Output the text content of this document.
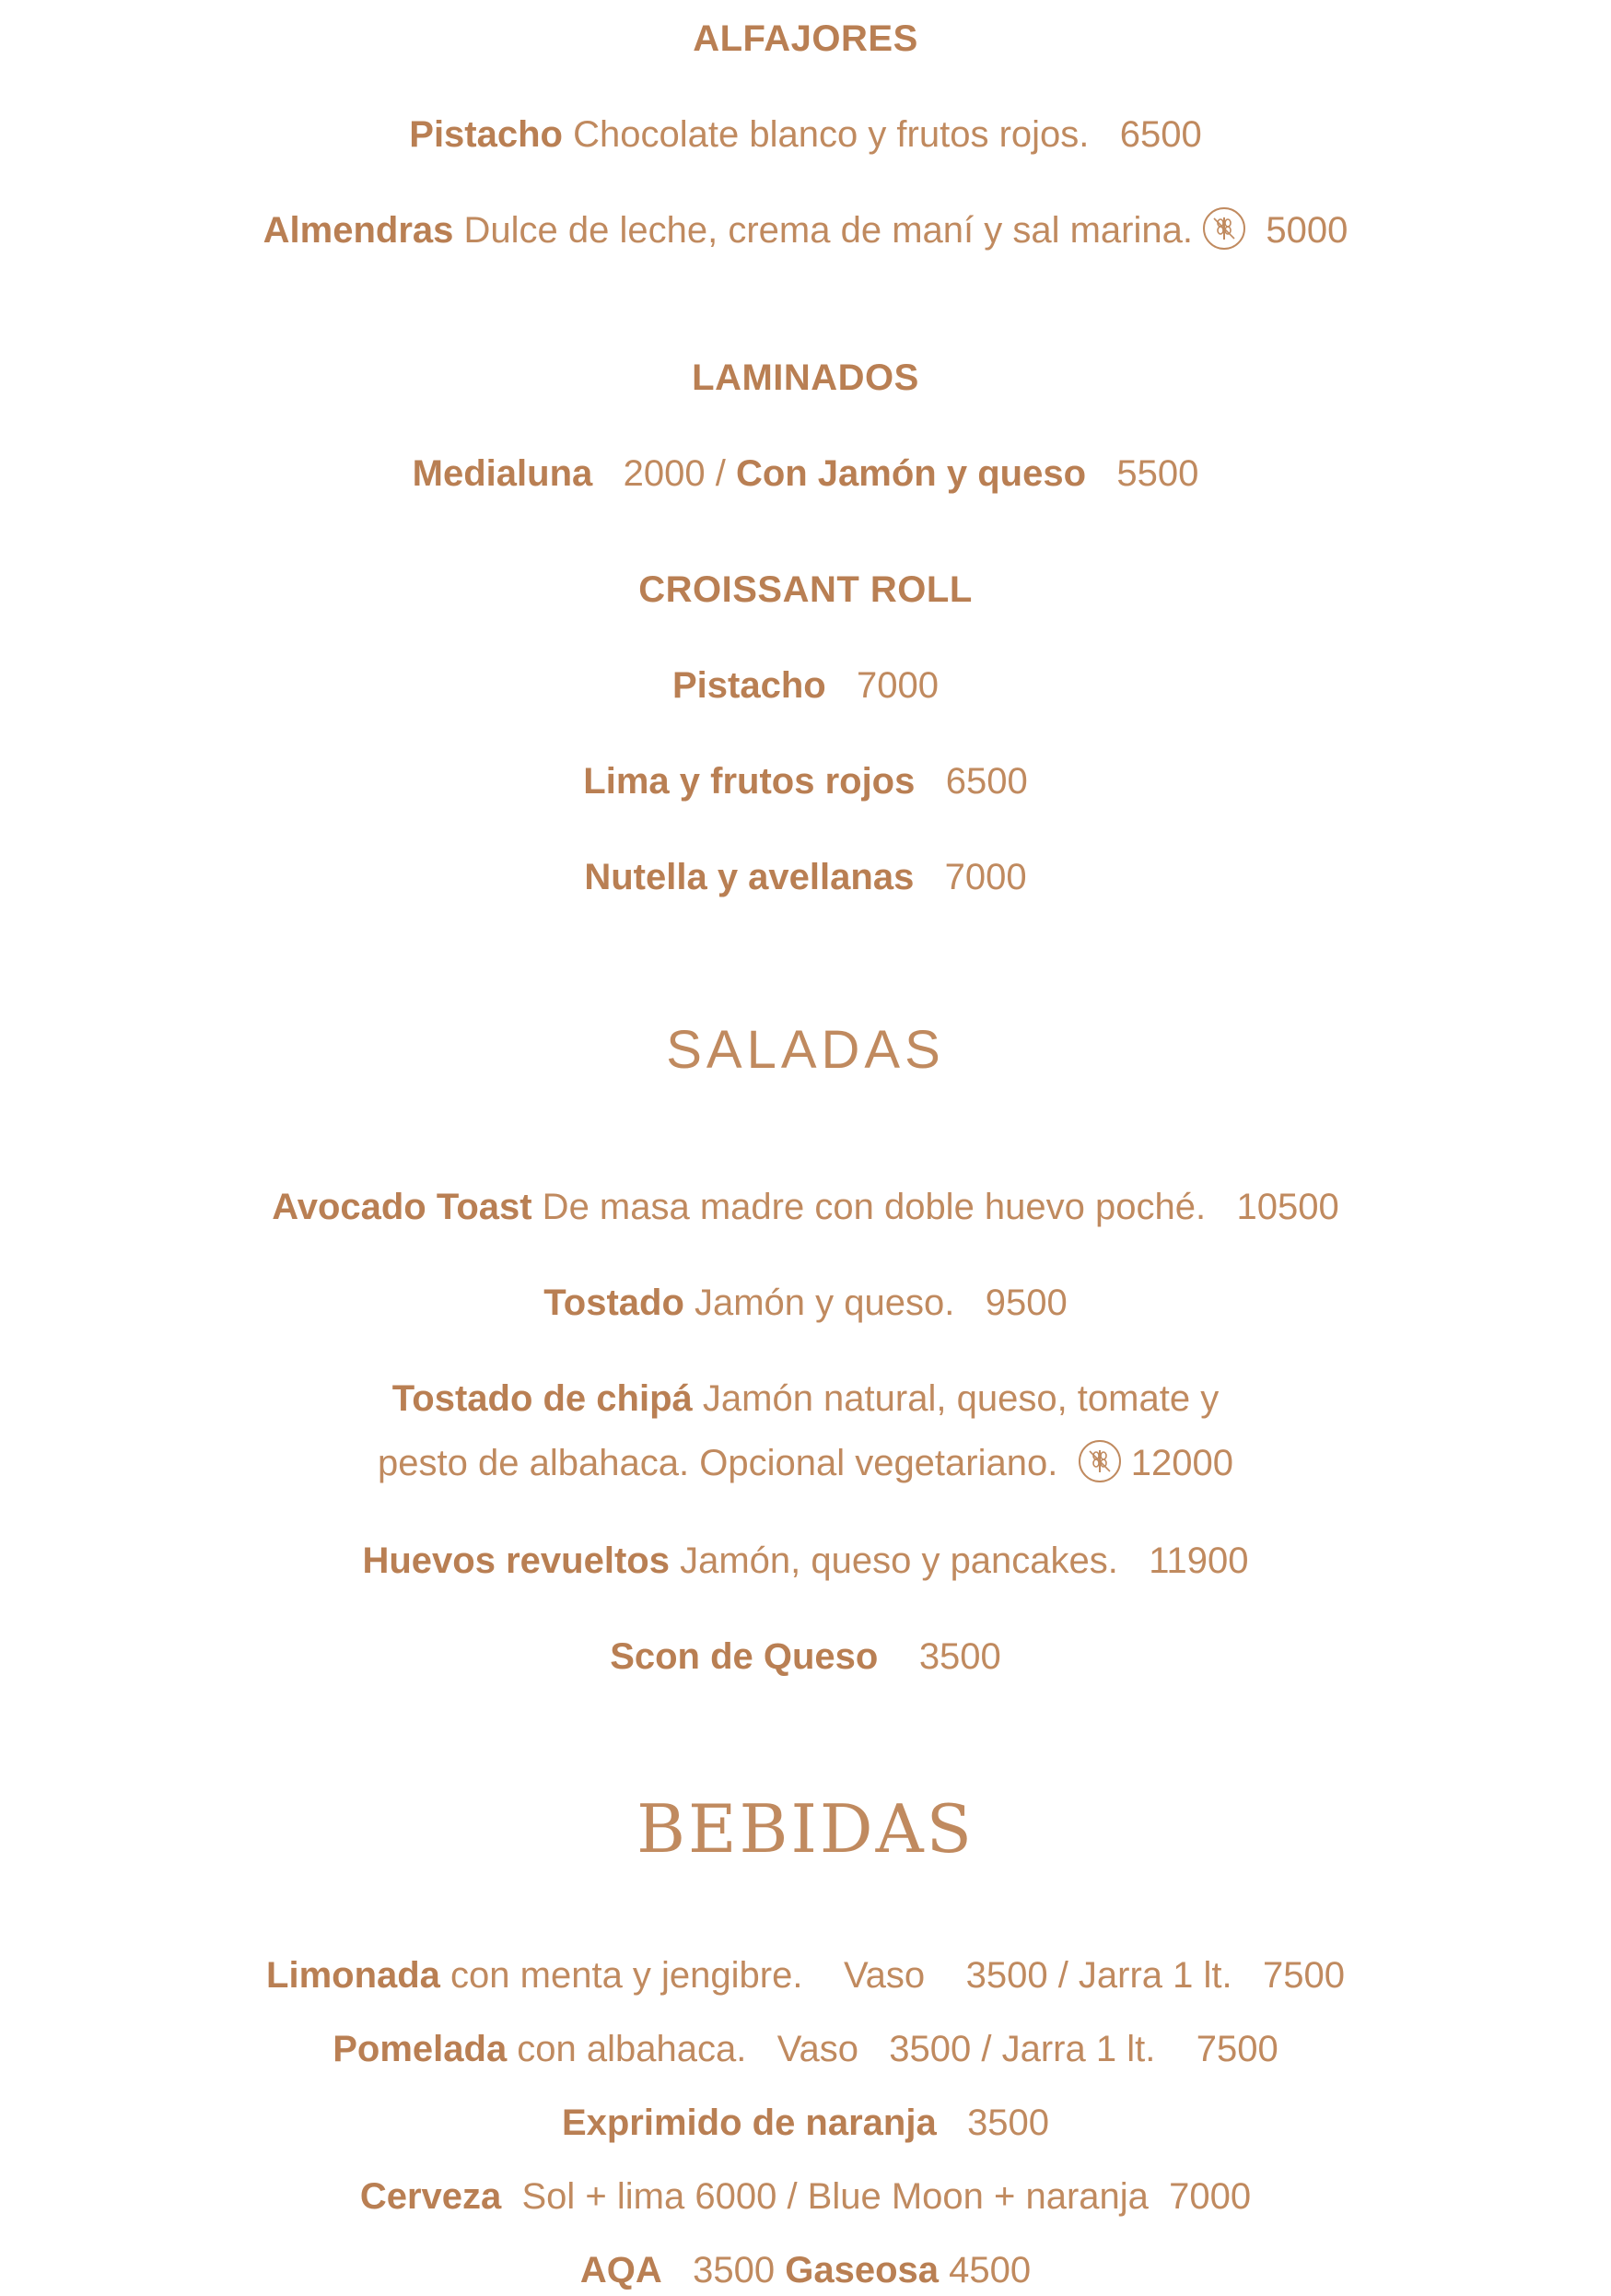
ALFAJORES
Pistacho Chocolate blanco y frutos rojos. 6500
Almendras Dulce de leche, crema de maní y sal marina. 5000
LAMINADOS
Medialuna 2000 / Con Jamón y queso 5500
CROISSANT ROLL
Pistacho 7000
Lima y frutos rojos 6500
Nutella y avellanas 7000
SALADAS
Avocado Toast De masa madre con doble huevo poché. 10500
Tostado Jamón y queso. 9500
Tostado de chipá Jamón natural, queso, tomate y
pesto de albahaca. Opcional vegetariano. 12000
Huevos revueltos Jamón, queso y pancakes. 11900
Scon de Queso 3500
BEBIDAS
Limonada con menta y jengibre. Vaso 3500 / Jarra 1 lt. 7500
Pomelada con albahaca. Vaso 3500 / Jarra 1 lt. 7500
Exprimido de naranja 3500
Cerveza Sol + lima 6000 / Blue Moon + naranja 7000
AQA 3500 Gaseosa 4500
